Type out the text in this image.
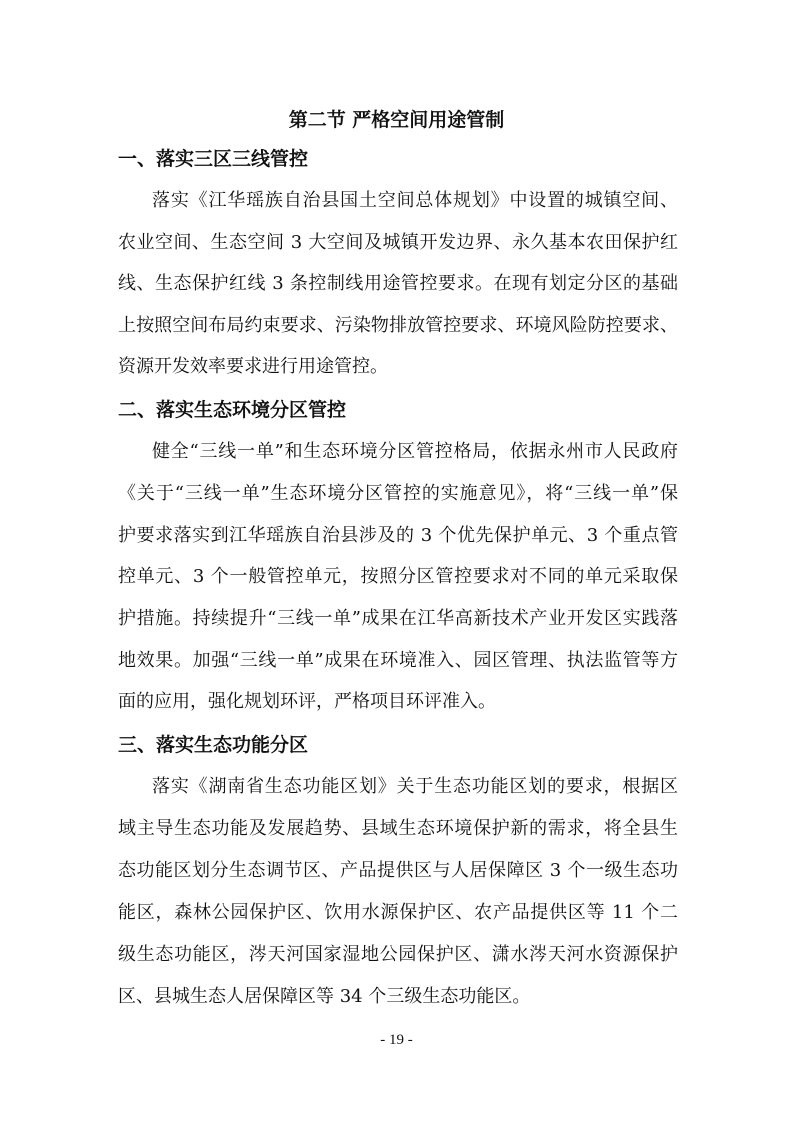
第二节 严格空间用途管制
一、落实三区三线管控
落实《江华瑶族自治县国土空间总体规划》中设置的城镇空间、
农业空间、生态空间 3 大空间及城镇开发边界、永久基本农田保护红
线、生态保护红线 3 条控制线用途管控要求。在现有划定分区的基础
上按照空间布局约束要求、污染物排放管控要求、环境风险防控要求、
资源开发效率要求进行用途管控。
二、落实生态环境分区管控
健全“三线一单”和生态环境分区管控格局，依据永州市人民政府
《关于“三线一单”生态环境分区管控的实施意见》，将“三线一单”保
护要求落实到江华瑶族自治县涉及的 3 个优先保护单元、3 个重点管
控单元、3 个一般管控单元，按照分区管控要求对不同的单元采取保
护措施。持续提升“三线一单”成果在江华高新技术产业开发区实践落
地效果。加强“三线一单”成果在环境准入、园区管理、执法监管等方
面的应用，强化规划环评，严格项目环评准入。
三、落实生态功能分区
落实《湖南省生态功能区划》关于生态功能区划的要求，根据区
域主导生态功能及发展趋势、县域生态环境保护新的需求，将全县生
态功能区划分生态调节区、产品提供区与人居保障区 3 个一级生态功
能区，森林公园保护区、饮用水源保护区、农产品提供区等 11 个二
级生态功能区，涔天河国家湿地公园保护区、潇水涔天河水资源保护
区、县城生态人居保障区等 34 个三级生态功能区。
- 19 -
